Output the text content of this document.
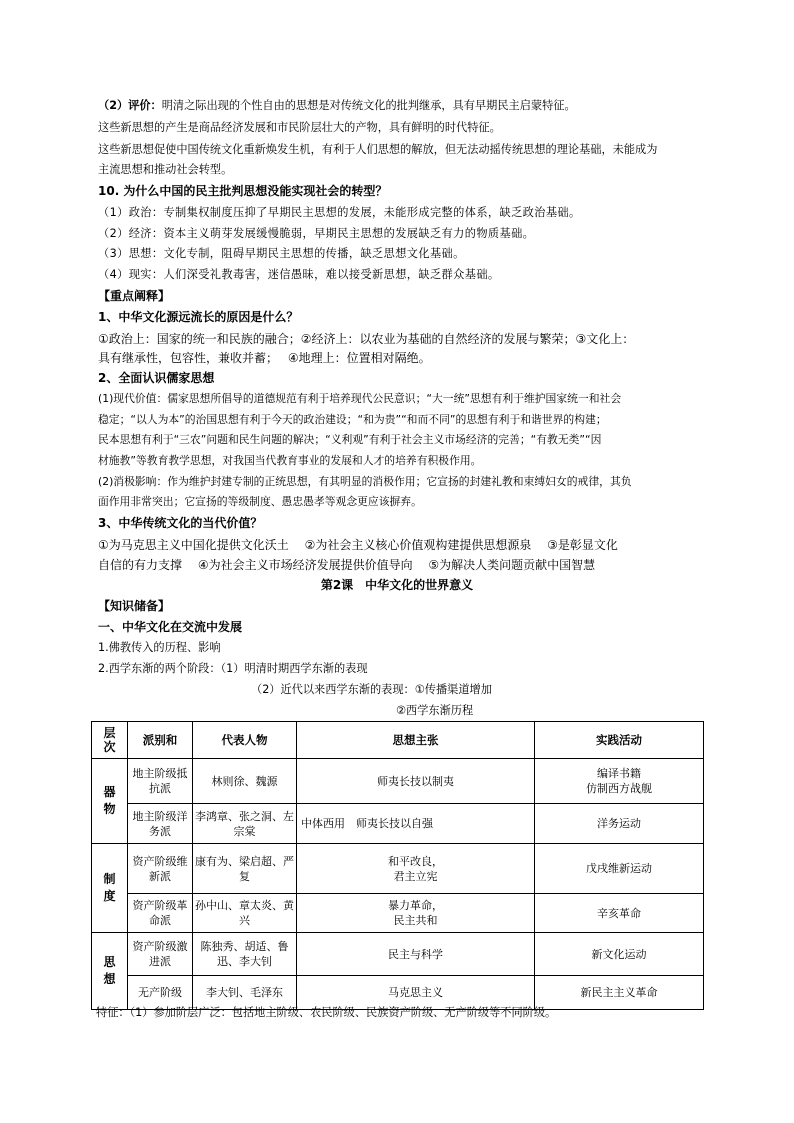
（2）评价：明清之际出现的个性自由的思想是对传统文化的批判继承，具有早期民主启蒙特征。
这些新思想的产生是商品经济发展和市民阶层壮大的产物，具有鲜明的时代特征。
这些新思想促使中国传统文化重新焕发生机，有利于人们思想的解放，但无法动摇传统思想的理论基础，未能成为
主流思想和推动社会转型。
10. 为什么中国的民主批判思想没能实现社会的转型？
（1）政治：专制集权制度压抑了早期民主思想的发展，未能形成完整的体系，缺乏政治基础。
（2）经济：资本主义萌芽发展缓慢脆弱，早期民主思想的发展缺乏有力的物质基础。
（3）思想：文化专制，阻碍早期民主思想的传播，缺乏思想文化基础。
（4）现实：人们深受礼教毒害，迷信愚昧，难以接受新思想，缺乏群众基础。
【重点阐释】
1、中华文化源远流长的原因是什么？
①政治上：国家的统一和民族的融合；②经济上：以农业为基础的自然经济的发展与繁荣；③文化上：
具有继承性，包容性，兼收并蓄；　 ④地理上：位置相对隔绝。
2、全面认识儒家思想
(1)现代价值：儒家思想所倡导的道德规范有利于培养现代公民意识；“大一统”思想有利于维护国家统一和社会
稳定；“以人为本”的治国思想有利于今天的政治建设；“和为贵”“和而不同”的思想有利于和谐世界的构建；
民本思想有利于“三农”问题和民生问题的解决；“义利观”有利于社会主义市场经济的完善；“有教无类”“因
材施教”等教育教学思想，对我国当代教育事业的发展和人才的培养有积极作用。
(2)消极影响：作为维护封建专制的正统思想，有其明显的消极作用；它宣扬的封建礼教和束缚妇女的戒律，其负
面作用非常突出；它宣扬的等级制度、愚忠愚孝等观念更应该摒弃。
3、中华传统文化的当代价值？
①为马克思主义中国化提供文化沃土　 ②为社会主义核心价值观构建提供思想源泉　 ③是彰显文化
自信的有力支撑　 ④为社会主义市场经济发展提供价值导向　 ⑤为解决人类问题贡献中国智慧
第2课　中华文化的世界意义
【知识储备】
一、中华文化在交流中发展
1.佛教传入的历程、影响
2.西学东渐的两个阶段：（1）明清时期西学东渐的表现
（2）近代以来西学东渐的表现：①传播渠道增加
②西学东渐历程
层次	派别和	代表人物	思想主张	实践活动
器物	地主阶级抵抗派	林则徐、魏源	师夷长技以制夷	编译书籍
仿制西方战舰
	地主阶级洋务派	李鸿章、张之洞、左宗棠	中体西用　师夷长技以自强	洋务运动
制度	资产阶级维新派	康有为、梁启超、严复	和平改良，
君主立宪	戊戌维新运动
	资产阶级革命派	孙中山、章太炎、黄兴	暴力革命，
民主共和	辛亥革命
思想	资产阶级激进派	陈独秀、胡适、鲁迅、李大钊	民主与科学	新文化运动
	无产阶级	李大钊、毛泽东	马克思主义	新民主主义革命
特征：（1）参加阶层广泛：包括地主阶级、农民阶级、民族资产阶级、无产阶级等不同阶级。
